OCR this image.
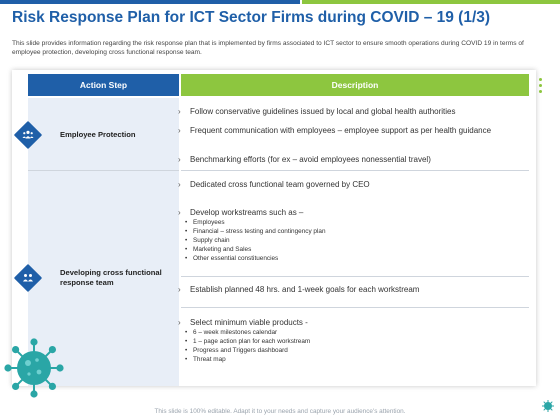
Risk Response Plan for ICT Sector Firms during COVID – 19 (1/3)
This slide provides information regarding the risk response plan that is implemented by firms associated to ICT sector to ensure smooth operations during COVID 19 in terms of employee protection, developing cross functional response team.
Action Step	Description
Employee Protection
› Follow conservative guidelines issued by local and global health authorities
› Frequent communication with employees – employee support as per health guidance
› Benchmarking efforts (for ex – avoid employees nonessential travel)
Developing cross functional response team
› Dedicated cross functional team governed by CEO
› Develop workstreams such as –
• Employees
• Financial – stress testing and contingency plan
• Supply chain
• Marketing and Sales
• Other essential constituencies
› Establish planned 48 hrs. and 1-week goals for each workstream
› Select minimum viable products -
• 6 – week milestones calendar
• 1 – page action plan for each workstream
• Progress and Triggers dashboard
• Threat map
This slide is 100% editable. Adapt it to your needs and capture your audience's attention.
